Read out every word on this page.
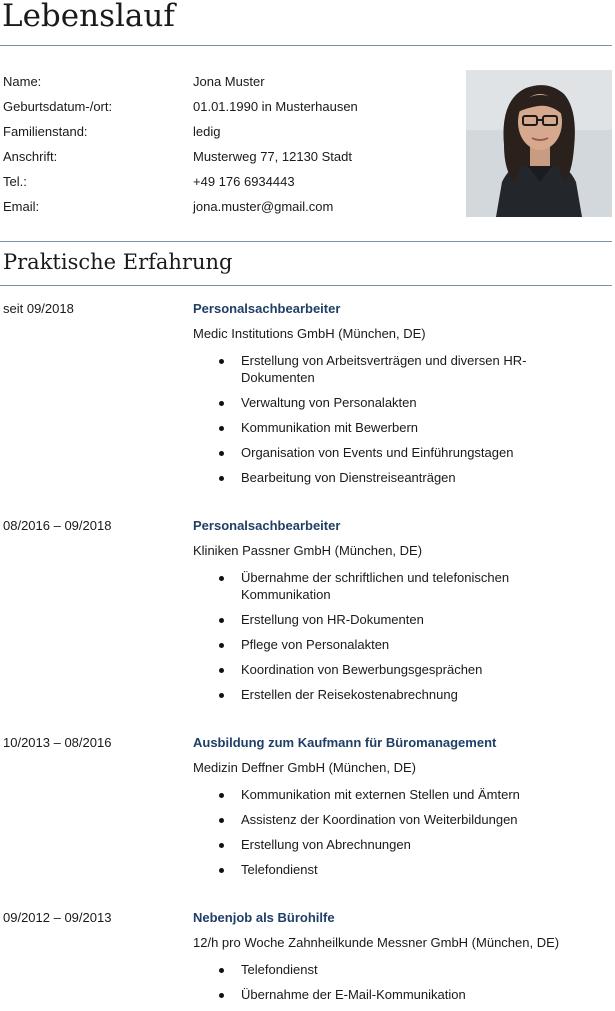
Lebenslauf
Name:	Jona Muster
Geburtsdatum-/ort:	01.01.1990 in Musterhausen
Familienstand:	ledig
Anschrift:	Musterweg 77, 12130 Stadt
Tel.:	+49 176 6934443
Email:	jona.muster@gmail.com
Praktische Erfahrung
seit 09/2018	Personalsachbearbeiter
Medic Institutions GmbH (München, DE)
Erstellung von Arbeitsverträgen und diversen HR-Dokumenten
Verwaltung von Personalakten
Kommunikation mit Bewerbern
Organisation von Events und Einführungstagen
Bearbeitung von Dienstreiseanträgen
08/2016 – 09/2018	Personalsachbearbeiter
Kliniken Passner GmbH (München, DE)
Übernahme der schriftlichen und telefonischen Kommunikation
Erstellung von HR-Dokumenten
Pflege von Personalakten
Koordination von Bewerbungsgesprächen
Erstellen der Reisekostenabrechnung
10/2013 – 08/2016	Ausbildung zum Kaufmann für Büromanagement
Medizin Deffner GmbH (München, DE)
Kommunikation mit externen Stellen und Ämtern
Assistenz der Koordination von Weiterbildungen
Erstellung von Abrechnungen
Telefondienst
09/2012 – 09/2013	Nebenjob als Bürohilfe
12/h pro Woche Zahnheilkunde Messner GmbH (München, DE)
Telefondienst
Übernahme der E-Mail-Kommunikation
